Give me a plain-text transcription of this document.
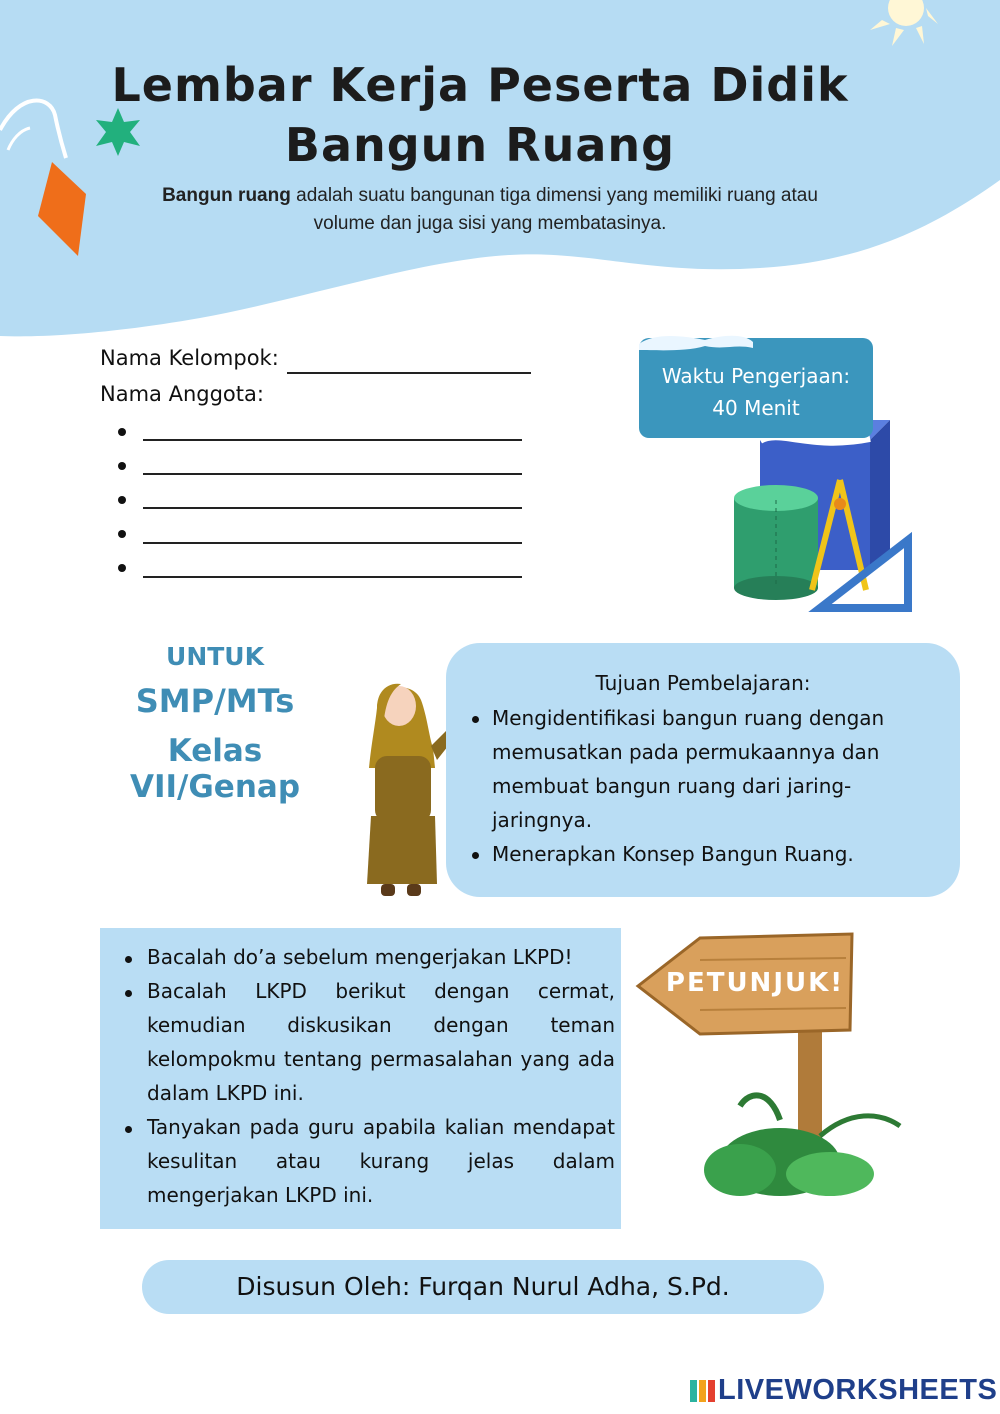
Lembar Kerja Peserta Didik
Bangun Ruang
Bangun ruang adalah suatu bangunan tiga dimensi yang memiliki ruang atau
volume dan juga sisi yang membatasinya.
Nama Kelompok:
Nama Anggota:
Waktu Pengerjaan:
40 Menit
UNTUK
SMP/MTs
Kelas VII/Genap
Tujuan Pembelajaran:
Mengidentifikasi bangun ruang dengan
memusatkan pada permukaannya dan
membuat bangun ruang dari jaring-
jaringnya.
Menerapkan Konsep Bangun Ruang.
Bacalah do’a sebelum mengerjakan LKPD!
Bacalah LKPD berikut dengan cermat, kemudian diskusikan dengan teman kelompokmu tentang permasalahan yang ada dalam LKPD ini.
Tanyakan pada guru apabila kalian mendapat kesulitan atau kurang jelas dalam mengerjakan LKPD ini.
PETUNJUK!
Disusun Oleh: Furqan Nurul Adha, S.Pd.
LIVEWORKSHEETS
